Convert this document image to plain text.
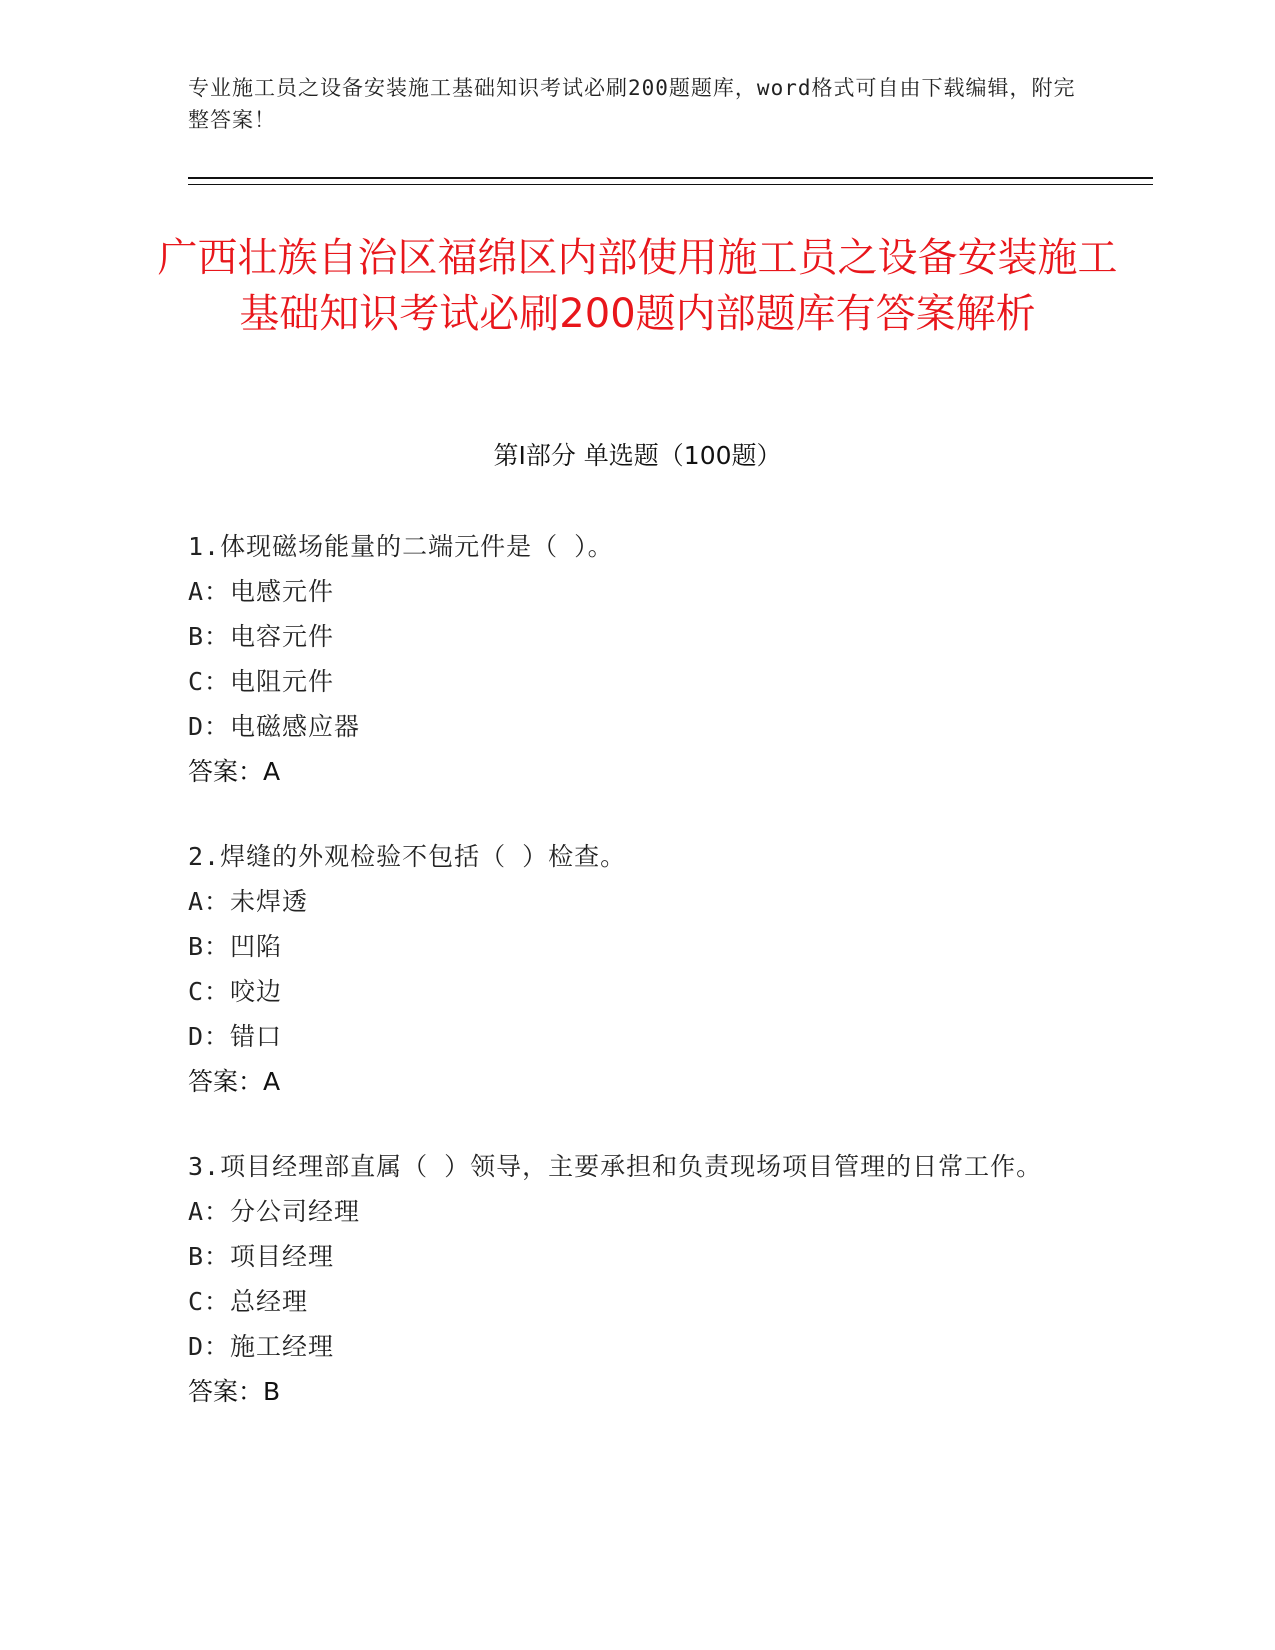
专业施工员之设备安装施工基础知识考试必刷200题题库，word格式可自由下载编辑，附完整答案！
广西壮族自治区福绵区内部使用施工员之设备安装施工基础知识考试必刷200题内部题库有答案解析
第Ⅰ部分 单选题（100题）
1.体现磁场能量的二端元件是（ ）。
A：电感元件
B：电容元件
C：电阻元件
D：电磁感应器
答案：A
2.焊缝的外观检验不包括（ ）检查。
A：未焊透
B：凹陷
C：咬边
D：错口
答案：A
3.项目经理部直属（ ）领导，主要承担和负责现场项目管理的日常工作。
A：分公司经理
B：项目经理
C：总经理
D：施工经理
答案：B
